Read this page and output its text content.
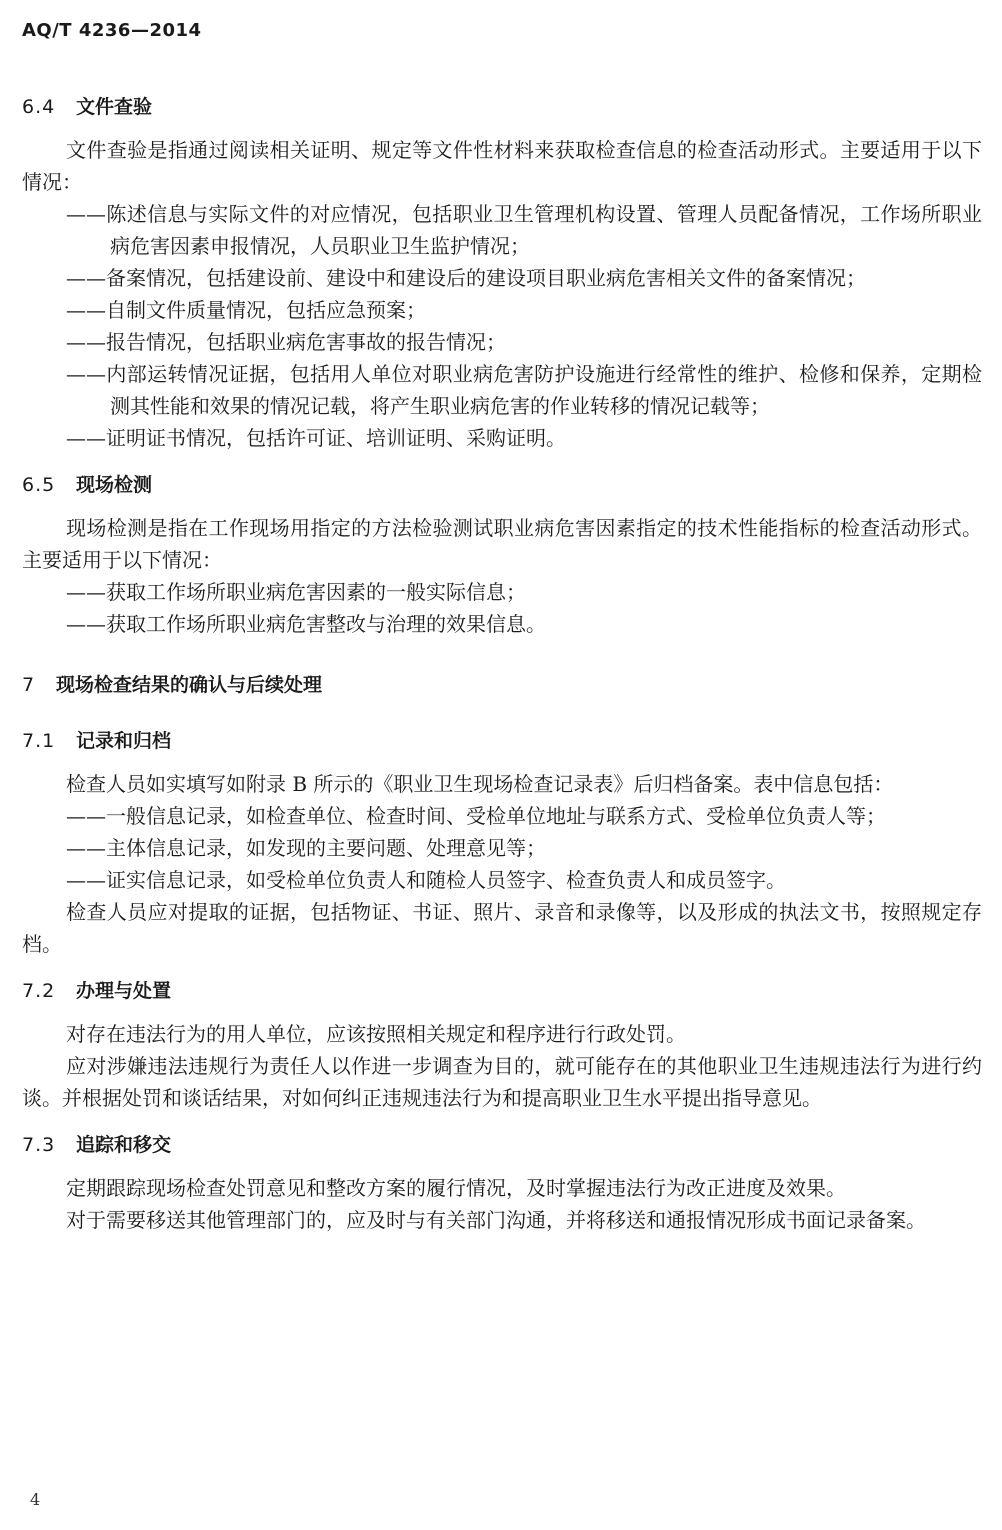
AQ/T 4236—2014
6.4 文件查验
文件查验是指通过阅读相关证明、规定等文件性材料来获取检查信息的检查活动形式。主要适用于以下情况：
——陈述信息与实际文件的对应情况，包括职业卫生管理机构设置、管理人员配备情况，工作场所职业病危害因素申报情况，人员职业卫生监护情况；
——备案情况，包括建设前、建设中和建设后的建设项目职业病危害相关文件的备案情况；
——自制文件质量情况，包括应急预案；
——报告情况，包括职业病危害事故的报告情况；
——内部运转情况证据，包括用人单位对职业病危害防护设施进行经常性的维护、检修和保养，定期检测其性能和效果的情况记载，将产生职业病危害的作业转移的情况记载等；
——证明证书情况，包括许可证、培训证明、采购证明。
6.5 现场检测
现场检测是指在工作现场用指定的方法检验测试职业病危害因素指定的技术性能指标的检查活动形式。主要适用于以下情况：
——获取工作场所职业病危害因素的一般实际信息；
——获取工作场所职业病危害整改与治理的效果信息。
7 现场检查结果的确认与后续处理
7.1 记录和归档
检查人员如实填写如附录 B 所示的《职业卫生现场检查记录表》后归档备案。表中信息包括：
——一般信息记录，如检查单位、检查时间、受检单位地址与联系方式、受检单位负责人等；
——主体信息记录，如发现的主要问题、处理意见等；
——证实信息记录，如受检单位负责人和随检人员签字、检查负责人和成员签字。
检查人员应对提取的证据，包括物证、书证、照片、录音和录像等，以及形成的执法文书，按照规定存档。
7.2 办理与处置
对存在违法行为的用人单位，应该按照相关规定和程序进行行政处罚。
应对涉嫌违法违规行为责任人以作进一步调查为目的，就可能存在的其他职业卫生违规违法行为进行约谈。并根据处罚和谈话结果，对如何纠正违规违法行为和提高职业卫生水平提出指导意见。
7.3 追踪和移交
定期跟踪现场检查处罚意见和整改方案的履行情况，及时掌握违法行为改正进度及效果。
对于需要移送其他管理部门的，应及时与有关部门沟通，并将移送和通报情况形成书面记录备案。
4
